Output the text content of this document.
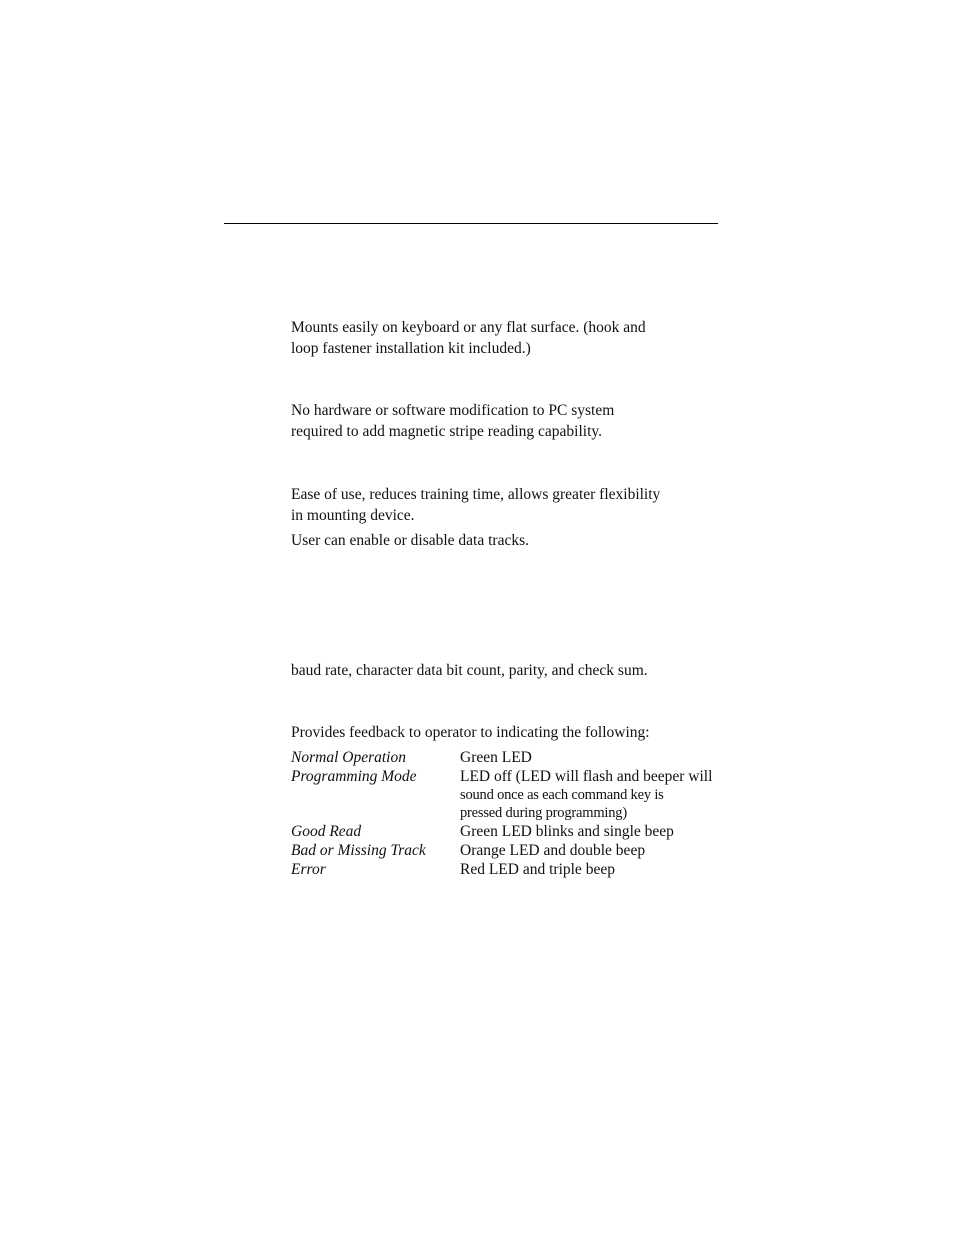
Mounts easily on keyboard or any flat surface. (hook and
loop fastener installation kit included.)

No hardware or software modification to PC system
required to add magnetic stripe reading capability.

Ease of use, reduces training time, allows greater flexibility
in mounting device.

User can enable or disable data tracks.

baud rate, character data bit count, parity, and check sum.

Provides feedback to operator to indicating the following:

Normal Operation	Green LED
Programming Mode	LED off (LED will flash and beeper will
sound once as each command key is
pressed during programming)

Good Read	Green LED blinks and single beep
Bad or Missing Track	Orange LED and double beep
Error	Red LED and triple beep
